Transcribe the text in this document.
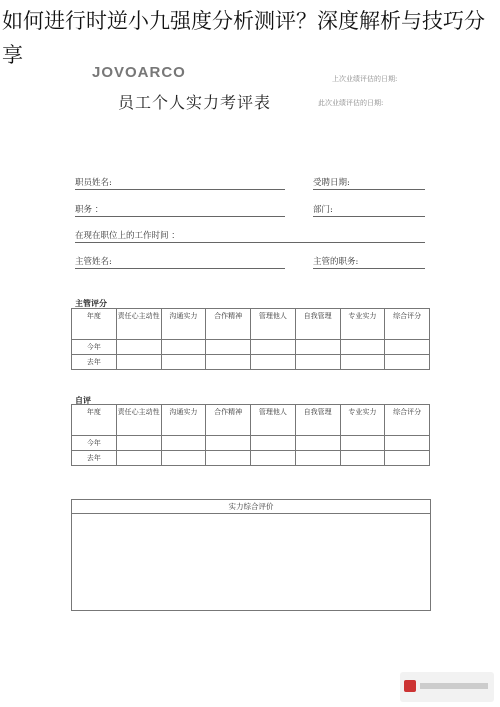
如何进行时逆小九强度分析测评？深度解析与技巧分享
JOVOARCO
员工个人实力考评表
上次业绩评估的日期:
此次业绩评估的日期:
职员姓名:	受聘日期:
职务 ：	部门:
在现在职位上的工作时间 ：
主管姓名:	主管的职务:
主管评分
年度	责任心主动性	沟通实力	合作精神	管理他人	自我管理	专业实力	综合评分
今年							
去年							
自评
年度	责任心主动性	沟通实力	合作精神	管理他人	自我管理	专业实力	综合评分
今年							
去年							
实力综合评价
